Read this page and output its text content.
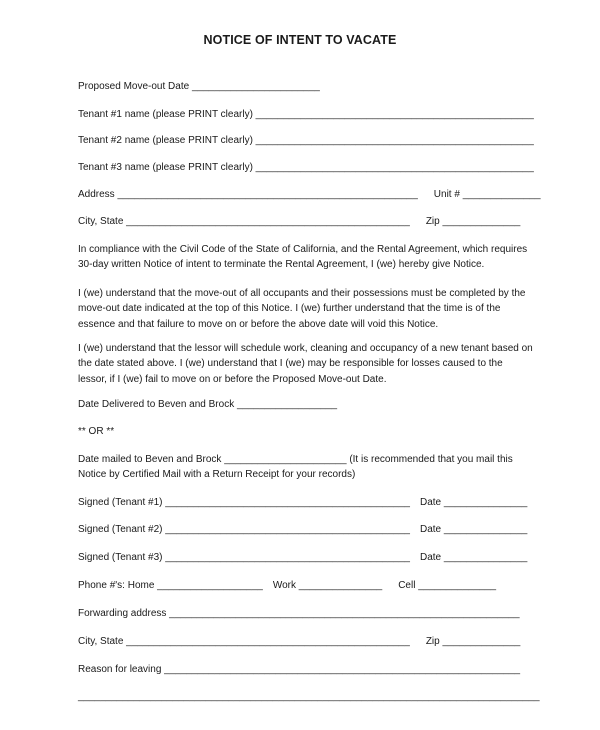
NOTICE OF INTENT TO VACATE
Proposed Move-out Date _______________________
Tenant #1 name (please PRINT clearly) __________________________________________________
Tenant #2 name (please PRINT clearly) __________________________________________________
Tenant #3 name (please PRINT clearly) __________________________________________________
Address ______________________________________________________ Unit # ______________
City, State ___________________________________________________ Zip ______________
In compliance with the Civil Code of the State of California, and the Rental Agreement, which requires
30-day written Notice of intent to terminate the Rental Agreement, I (we) hereby give Notice.
I (we) understand that the move-out of all occupants and their possessions must be completed by the
move-out date indicated at the top of this Notice. I (we) further understand that the time is of the
essence and that failure to move on or before the above date will void this Notice.
I (we) understand that the lessor will schedule work, cleaning and occupancy of a new tenant based on
the date stated above. I (we) understand that I (we) may be responsible for losses caused to the
lessor, if I (we) fail to move on or before the Proposed Move-out Date.
Date Delivered to Beven and Brock __________________
** OR **
Date mailed to Beven and Brock ______________________ (It is recommended that you mail this
Notice by Certified Mail with a Return Receipt for your records)
Signed (Tenant #1) ____________________________________________ Date _______________
Signed (Tenant #2) ____________________________________________ Date _______________
Signed (Tenant #3) ____________________________________________ Date _______________
Phone #'s: Home ___________________ Work _______________ Cell ______________
Forwarding address _______________________________________________________________
City, State ___________________________________________________ Zip ______________
Reason for leaving ________________________________________________________________
___________________________________________________________________________________
